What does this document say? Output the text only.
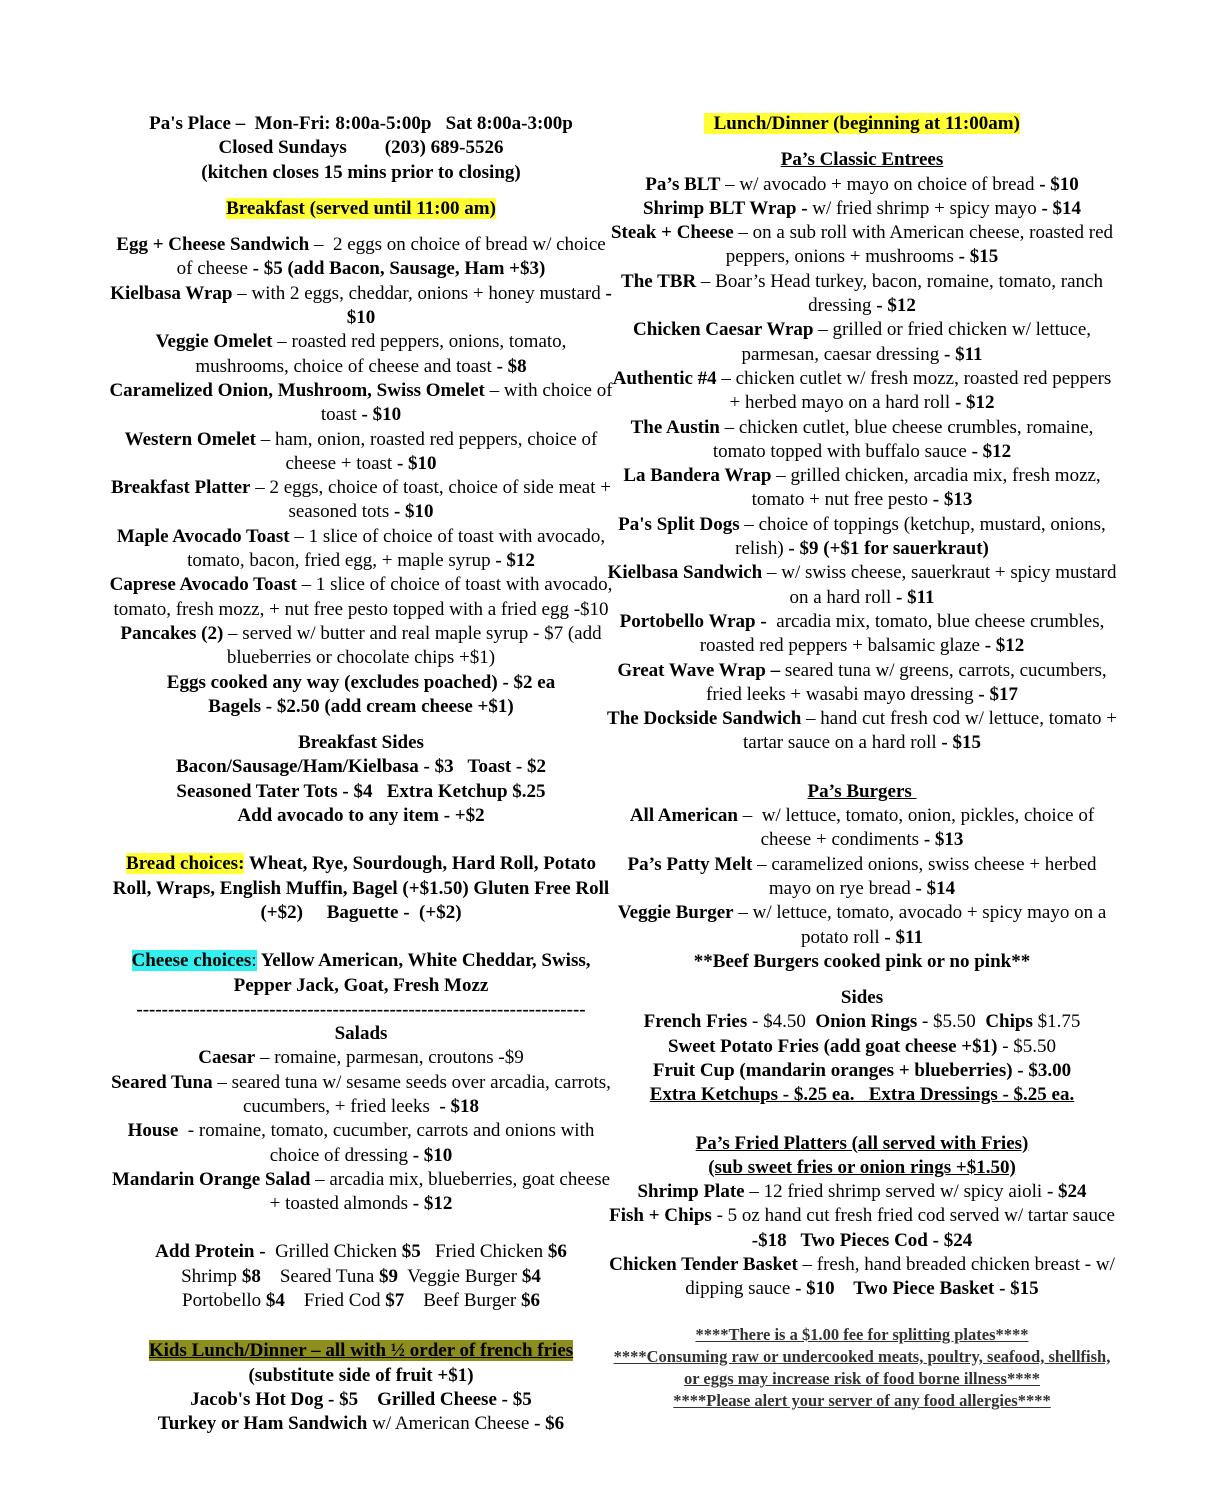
Pa's Place –  Mon-Fri: 8:00a-5:00p   Sat 8:00a-3:00p
Closed Sundays        (203) 689-5526
(kitchen closes 15 mins prior to closing)
Breakfast (served until 11:00 am)
Egg + Cheese Sandwich –  2 eggs on choice of bread w/ choice of cheese - $5 (add Bacon, Sausage, Ham +$3)
Kielbasa Wrap – with 2 eggs, cheddar, onions + honey mustard - $10
Veggie Omelet – roasted red peppers, onions, tomato, mushrooms, choice of cheese and toast - $8
Caramelized Onion, Mushroom, Swiss Omelet – with choice of toast - $10
Western Omelet – ham, onion, roasted red peppers, choice of cheese + toast - $10
Breakfast Platter – 2 eggs, choice of toast, choice of side meat + seasoned tots - $10
Maple Avocado Toast – 1 slice of choice of toast with avocado, tomato, bacon, fried egg, + maple syrup - $12
Caprese Avocado Toast – 1 slice of choice of toast with avocado, tomato, fresh mozz, + nut free pesto topped with a fried egg -$10
Pancakes (2) – served w/ butter and real maple syrup - $7 (add blueberries or chocolate chips +$1)
Eggs cooked any way (excludes poached) - $2 ea
Bagels - $2.50 (add cream cheese +$1)
Breakfast Sides
Bacon/Sausage/Ham/Kielbasa - $3   Toast - $2
Seasoned Tater Tots - $4   Extra Ketchup $.25
Add avocado to any item - +$2
Bread choices: Wheat, Rye, Sourdough, Hard Roll, Potato Roll, Wraps, English Muffin, Bagel (+$1.50) Gluten Free Roll (+$2)     Baguette -  (+$2)
Cheese choices: Yellow American, White Cheddar, Swiss, Pepper Jack, Goat, Fresh Mozz
-----------------------------------------------------------------------
Salads
Caesar – romaine, parmesan, croutons -$9
Seared Tuna – seared tuna w/ sesame seeds over arcadia, carrots, cucumbers, + fried leeks  - $18
House  - romaine, tomato, cucumber, carrots and onions with choice of dressing - $10
Mandarin Orange Salad – arcadia mix, blueberries, goat cheese + toasted almonds - $12
Add Protein -  Grilled Chicken $5   Fried Chicken $6
Shrimp $8    Seared Tuna $9  Veggie Burger $4
Portobello $4    Fried Cod $7    Beef Burger $6
Kids Lunch/Dinner – all with ½ order of french fries
(substitute side of fruit +$1)
Jacob's Hot Dog - $5    Grilled Cheese - $5
Turkey or Ham Sandwich w/ American Cheese - $6
Lunch/Dinner (beginning at 11:00am)
Pa’s Classic Entrees
Pa’s BLT – w/ avocado + mayo on choice of bread - $10
Shrimp BLT Wrap - w/ fried shrimp + spicy mayo - $14
Steak + Cheese – on a sub roll with American cheese, roasted red peppers, onions + mushrooms - $15
The TBR – Boar’s Head turkey, bacon, romaine, tomato, ranch dressing - $12
Chicken Caesar Wrap – grilled or fried chicken w/ lettuce, parmesan, caesar dressing - $11
Authentic #4 – chicken cutlet w/ fresh mozz, roasted red peppers + herbed mayo on a hard roll - $12
The Austin – chicken cutlet, blue cheese crumbles, romaine, tomato topped with buffalo sauce - $12
La Bandera Wrap – grilled chicken, arcadia mix, fresh mozz, tomato + nut free pesto - $13
Pa's Split Dogs – choice of toppings (ketchup, mustard, onions, relish) - $9 (+$1 for sauerkraut)
Kielbasa Sandwich – w/ swiss cheese, sauerkraut + spicy mustard on a hard roll - $11
Portobello Wrap - arcadia mix, tomato, blue cheese crumbles, roasted red peppers + balsamic glaze - $12
Great Wave Wrap – seared tuna w/ greens, carrots, cucumbers, fried leeks + wasabi mayo dressing - $17
The Dockside Sandwich – hand cut fresh cod w/ lettuce, tomato + tartar sauce on a hard roll - $15
Pa’s Burgers
All American –  w/ lettuce, tomato, onion, pickles, choice of cheese + condiments - $13
Pa’s Patty Melt – caramelized onions, swiss cheese + herbed mayo on rye bread - $14
Veggie Burger – w/ lettuce, tomato, avocado + spicy mayo on a potato roll - $11
**Beef Burgers cooked pink or no pink**
Sides
French Fries - $4.50  Onion Rings - $5.50  Chips $1.75
Sweet Potato Fries (add goat cheese +$1) - $5.50
Fruit Cup (mandarin oranges + blueberries) - $3.00
Extra Ketchups - $.25 ea.   Extra Dressings - $.25 ea.
Pa’s Fried Platters (all served with Fries)
(sub sweet fries or onion rings +$1.50)
Shrimp Plate – 12 fried shrimp served w/ spicy aioli - $24
Fish + Chips - 5 oz hand cut fresh fried cod served w/ tartar sauce  -$18   Two Pieces Cod - $24
Chicken Tender Basket – fresh, hand breaded chicken breast - w/ dipping sauce - $10    Two Piece Basket - $15
****There is a $1.00 fee for splitting plates****
****Consuming raw or undercooked meats, poultry, seafood, shellfish, or eggs may increase risk of food borne illness****
****Please alert your server of any food allergies****
